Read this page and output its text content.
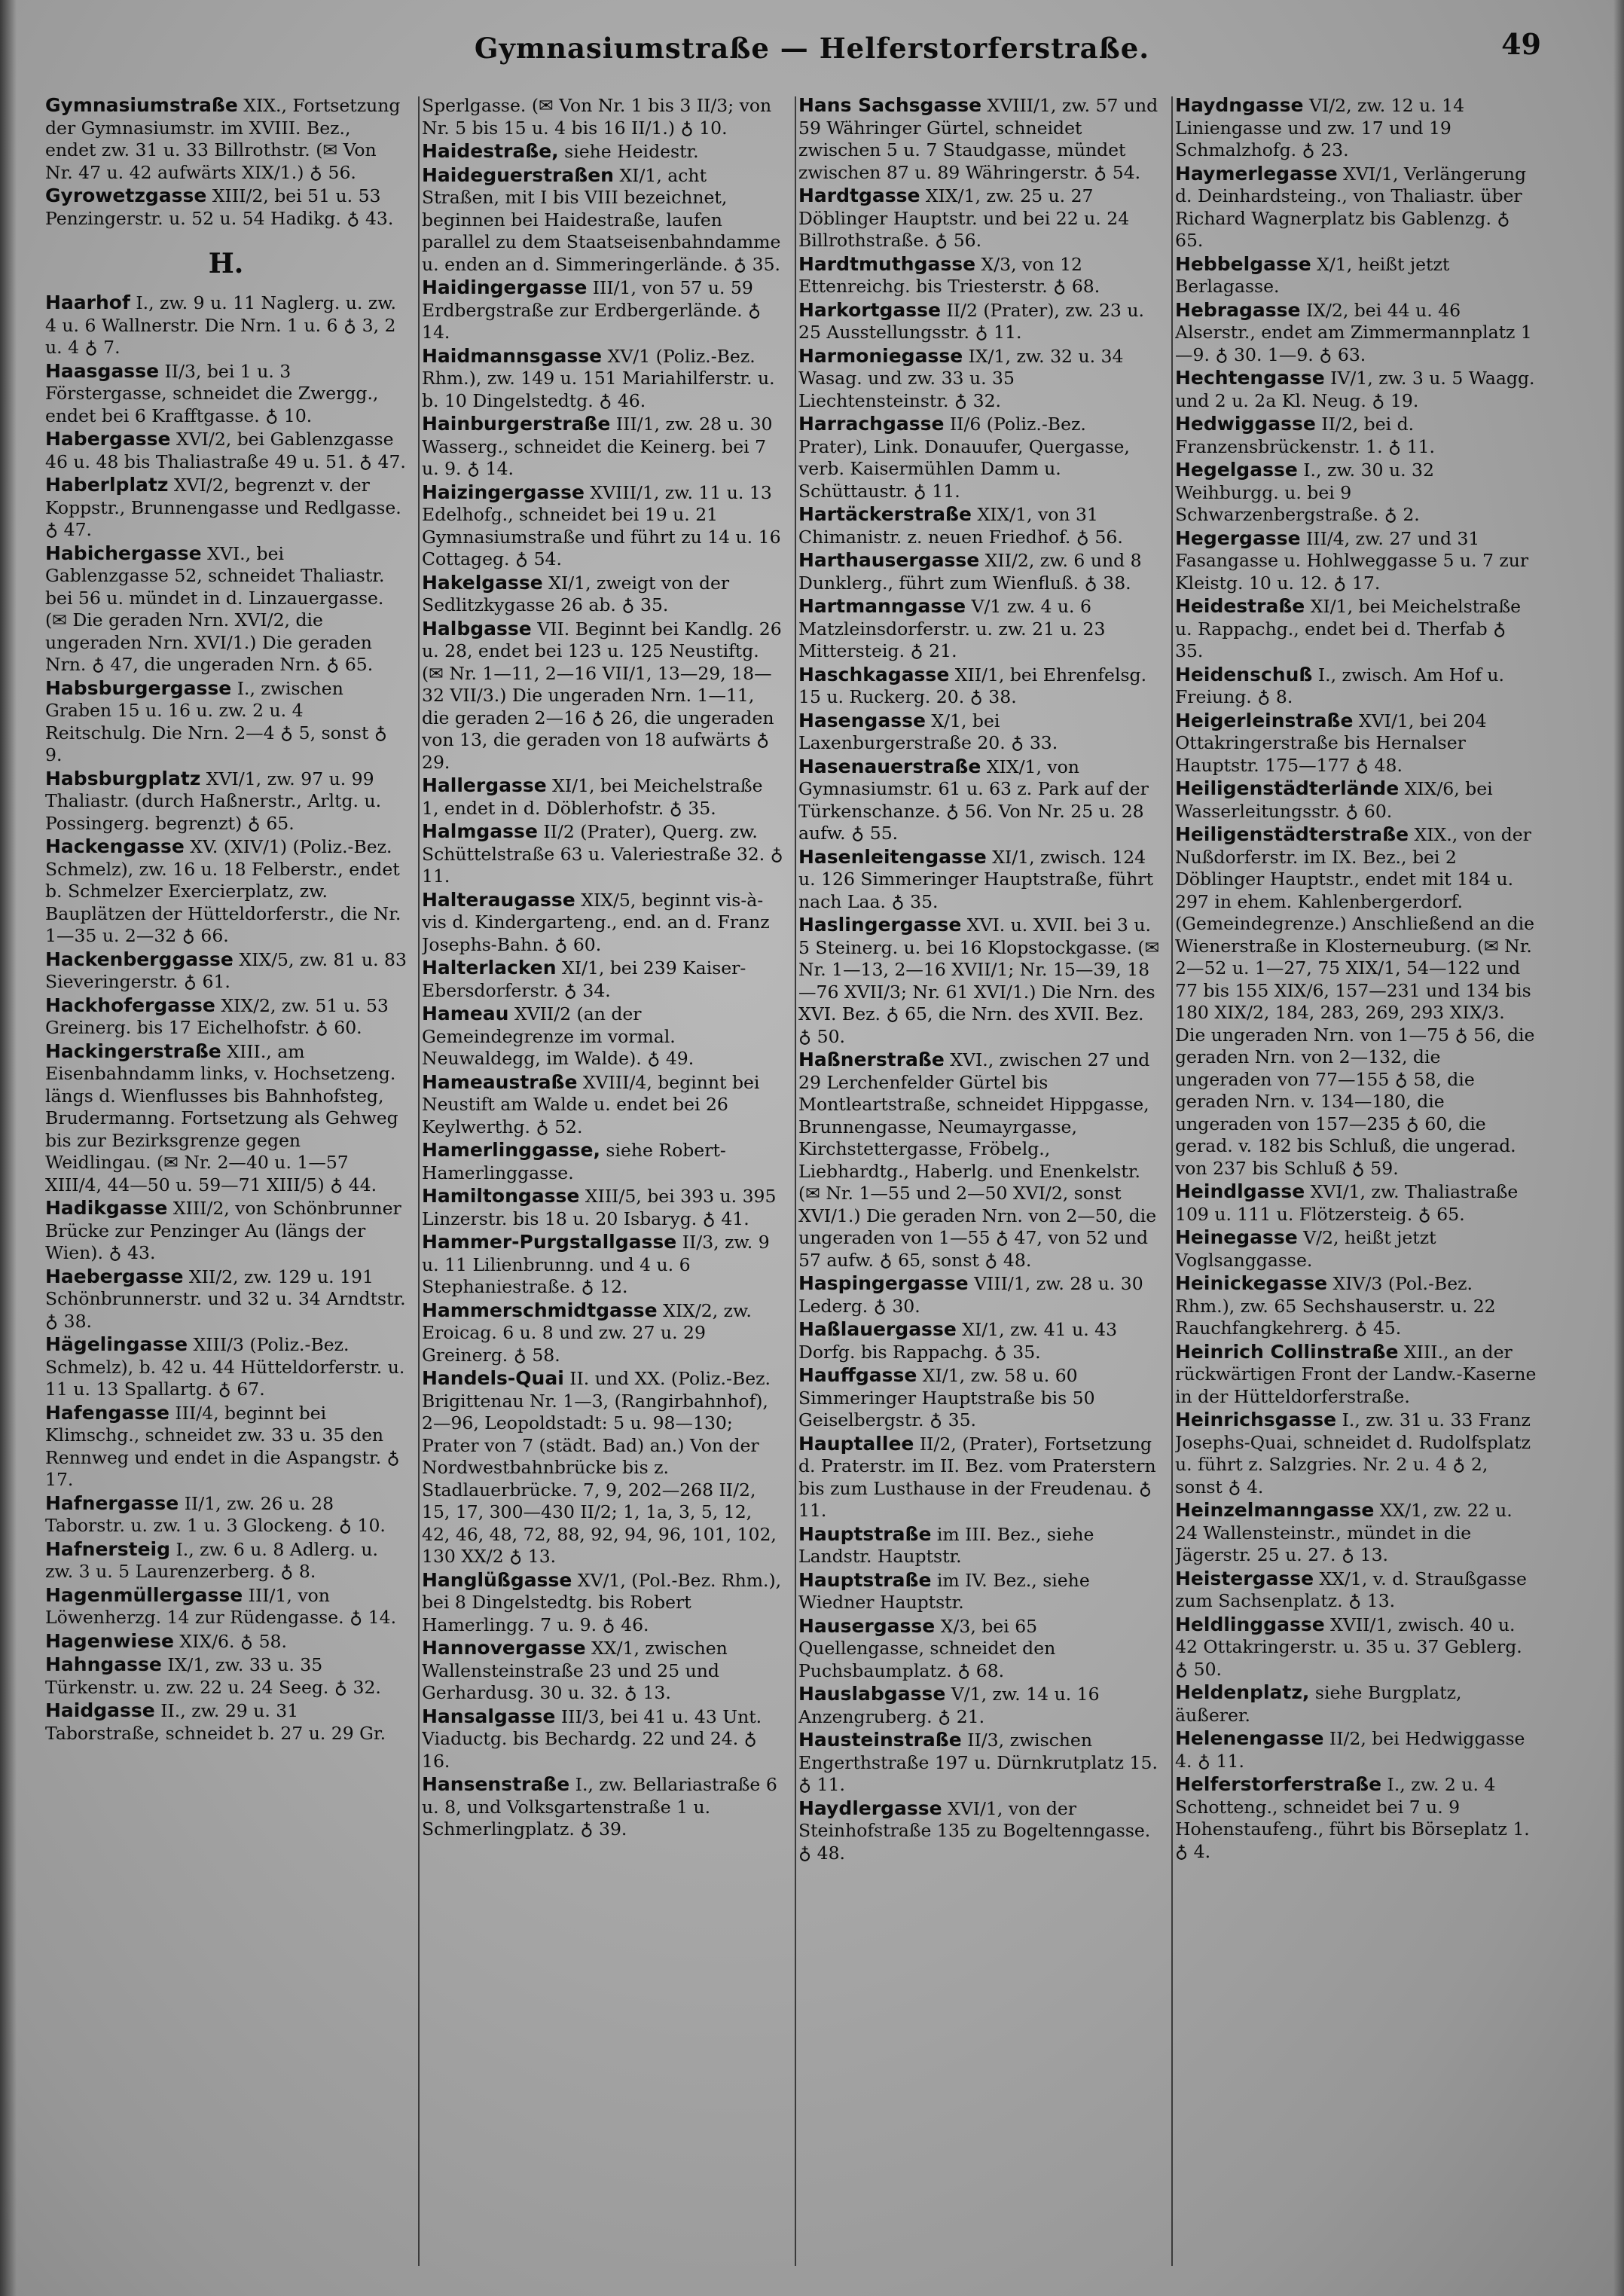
Gymnasiumstraße — Helferstorferstraße.	49

Gymnasiumstraße XIX., Fortsetzung der Gymnasiumstr. im XVIII. Bez., endet zw. 31 u. 33 Billrothstr. (✉ Von Nr. 47 u. 42 aufwärts XIX/1.) ♁ 56.

Gyrowetzgasse XIII/2, bei 51 u. 53 Penzingerstr. u. 52 u. 54 Hadikg. ♁ 43.

H.

Haarhof I., zw. 9 u. 11 Naglerg. u. zw. 4 u. 6 Wallnerstr. Die Nrn. 1 u. 6 ♁ 3, 2 u. 4 ♁ 7.

Haasgasse II/3, bei 1 u. 3 Förstergasse, schneidet die Zwergg., endet bei 6 Krafftgasse. ♁ 10.

Habergasse XVI/2, bei Gablenzgasse 46 u. 48 bis Thaliastraße 49 u. 51. ♁ 47.

Haberlplatz XVI/2, begrenzt v. der Koppstr., Brunnengasse und Redlgasse. ♁ 47.

Habichergasse XVI., bei Gablenzgasse 52, schneidet Thaliastr. bei 56 u. mündet in d. Linzauergasse. (✉ Die geraden Nrn. XVI/2, die ungeraden Nrn. XVI/1.) Die geraden Nrn. ♁ 47, die ungeraden Nrn. ♁ 65.

Habsburgergasse I., zwischen Graben 15 u. 16 u. zw. 2 u. 4 Reitschulg. Die Nrn. 2—4 ♁ 5, sonst ♁ 9.

Habsburgplatz XVI/1, zw. 97 u. 99 Thaliastr. (durch Haßnerstr., Arltg. u. Possingerg. begrenzt) ♁ 65.

Hackengasse XV. (XIV/1) (Poliz.-Bez. Schmelz), zw. 16 u. 18 Felberstr., endet b. Schmelzer Exercierplatz, zw. Bauplätzen der Hütteldorferstr., die Nr. 1—35 u. 2—32 ♁ 66.

Hackenberggasse XIX/5, zw. 81 u. 83 Sieveringerstr. ♁ 61.

Hackhofergasse XIX/2, zw. 51 u. 53 Greinerg. bis 17 Eichelhofstr. ♁ 60.

Hackingerstraße XIII., am Eisenbahndamm links, v. Hochsetzeng. längs d. Wienflusses bis Bahnhofsteg, Brudermanng. Fortsetzung als Gehweg bis zur Bezirksgrenze gegen Weidlingau. (✉ Nr. 2—40 u. 1—57 XIII/4, 44—50 u. 59—71 XIII/5) ♁ 44.

Hadikgasse XIII/2, von Schönbrunner Brücke zur Penzinger Au (längs der Wien). ♁ 43.

Haebergasse XII/2, zw. 129 u. 191 Schönbrunnerstr. und 32 u. 34 Arndtstr. ♁ 38.

Hägelingasse XIII/3 (Poliz.-Bez. Schmelz), b. 42 u. 44 Hütteldorferstr. u. 11 u. 13 Spallartg. ♁ 67.

Hafengasse III/4, beginnt bei Klimschg., schneidet zw. 33 u. 35 den Rennweg und endet in die Aspangstr. ♁ 17.

Hafnergasse II/1, zw. 26 u. 28 Taborstr. u. zw. 1 u. 3 Glockeng. ♁ 10.

Hafnersteig I., zw. 6 u. 8 Adlerg. u. zw. 3 u. 5 Laurenzerberg. ♁ 8.

Hagenmüllergasse III/1, von Löwenherzg. 14 zur Rüdengasse. ♁ 14.

Hagenwiese XIX/6. ♁ 58.

Hahngasse IX/1, zw. 33 u. 35 Türkenstr. u. zw. 22 u. 24 Seeg. ♁ 32.

Haidgasse II., zw. 29 u. 31 Taborstraße, schneidet b. 27 u. 29 Gr.

Sperlgasse. (✉ Von Nr. 1 bis 3 II/3; von Nr. 5 bis 15 u. 4 bis 16 II/1.) ♁ 10.

Haidestraße, siehe Heidestr.

Haideguerstraßen XI/1, acht Straßen, mit I bis VIII bezeichnet, beginnen bei Haidestraße, laufen parallel zu dem Staatseisenbahndamme u. enden an d. Simmeringerlände. ♁ 35.

Haidingergasse III/1, von 57 u. 59 Erdbergstraße zur Erdbergerlände. ♁ 14.

Haidmannsgasse XV/1 (Poliz.-Bez. Rhm.), zw. 149 u. 151 Mariahilferstr. u. b. 10 Dingelstedtg. ♁ 46.

Hainburgerstraße III/1, zw. 28 u. 30 Wasserg., schneidet die Keinerg. bei 7 u. 9. ♁ 14.

Haizingergasse XVIII/1, zw. 11 u. 13 Edelhofg., schneidet bei 19 u. 21 Gymnasiumstraße und führt zu 14 u. 16 Cottageg. ♁ 54.

Hakelgasse XI/1, zweigt von der Sedlitzkygasse 26 ab. ♁ 35.

Halbgasse VII. Beginnt bei Kandlg. 26 u. 28, endet bei 123 u. 125 Neustiftg. (✉ Nr. 1—11, 2—16 VII/1, 13—29, 18—32 VII/3.) Die ungeraden Nrn. 1—11, die geraden 2—16 ♁ 26, die ungeraden von 13, die geraden von 18 aufwärts ♁ 29.

Hallergasse XI/1, bei Meichelstraße 1, endet in d. Döblerhofstr. ♁ 35.

Halmgasse II/2 (Prater), Querg. zw. Schüttelstraße 63 u. Valeriestraße 32. ♁ 11.

Halteraugasse XIX/5, beginnt vis-à-vis d. Kindergarteng., end. an d. Franz Josephs-Bahn. ♁ 60.

Halterlacken XI/1, bei 239 Kaiser-Ebersdorferstr. ♁ 34.

Hameau XVII/2 (an der Gemeindegrenze im vormal. Neuwaldegg, im Walde). ♁ 49.

Hameaustraße XVIII/4, beginnt bei Neustift am Walde u. endet bei 26 Keylwerthg. ♁ 52.

Hamerlinggasse, siehe Robert-Hamerlinggasse.

Hamiltongasse XIII/5, bei 393 u. 395 Linzerstr. bis 18 u. 20 Isbaryg. ♁ 41.

Hammer-Purgstallgasse II/3, zw. 9 u. 11 Lilienbrunng. und 4 u. 6 Stephaniestraße. ♁ 12.

Hammerschmidtgasse XIX/2, zw. Eroicag. 6 u. 8 und zw. 27 u. 29 Greinerg. ♁ 58.

Handels-Quai II. und XX. (Poliz.-Bez. Brigittenau Nr. 1—3, (Rangirbahnhof), 2—96, Leopoldstadt: 5 u. 98—130; Prater von 7 (städt. Bad) an.) Von der Nordwestbahnbrücke bis z. Stadlauerbrücke. 7, 9, 202—268 II/2, 15, 17, 300—430 II/2; 1, 1a, 3, 5, 12, 42, 46, 48, 72, 88, 92, 94, 96, 101, 102, 130 XX/2 ♁ 13.

Hanglüßgasse XV/1, (Pol.-Bez. Rhm.), bei 8 Dingelstedtg. bis Robert Hamerlingg. 7 u. 9. ♁ 46.

Hannovergasse XX/1, zwischen Wallensteinstraße 23 und 25 und Gerhardusg. 30 u. 32. ♁ 13.

Hansalgasse III/3, bei 41 u. 43 Unt. Viaductg. bis Bechardg. 22 und 24. ♁ 16.

Hansenstraße I., zw. Bellariastraße 6 u. 8, und Volksgartenstraße 1 u. Schmerlingplatz. ♁ 39.

Hans Sachsgasse XVIII/1, zw. 57 und 59 Währinger Gürtel, schneidet zwischen 5 u. 7 Staudgasse, mündet zwischen 87 u. 89 Währingerstr. ♁ 54.

Hardtgasse XIX/1, zw. 25 u. 27 Döblinger Hauptstr. und bei 22 u. 24 Billrothstraße. ♁ 56.

Hardtmuthgasse X/3, von 12 Ettenreichg. bis Triesterstr. ♁ 68.

Harkortgasse II/2 (Prater), zw. 23 u. 25 Ausstellungsstr. ♁ 11.

Harmoniegasse IX/1, zw. 32 u. 34 Wasag. und zw. 33 u. 35 Liechtensteinstr. ♁ 32.

Harrachgasse II/6 (Poliz.-Bez. Prater), Link. Donauufer, Quergasse, verb. Kaisermühlen Damm u. Schüttaustr. ♁ 11.

Hartäckerstraße XIX/1, von 31 Chimanistr. z. neuen Friedhof. ♁ 56.

Harthausergasse XII/2, zw. 6 und 8 Dunklerg., führt zum Wienfluß. ♁ 38.

Hartmanngasse V/1 zw. 4 u. 6 Matzleinsdorferstr. u. zw. 21 u. 23 Mittersteig. ♁ 21.

Haschkagasse XII/1, bei Ehrenfelsg. 15 u. Ruckerg. 20. ♁ 38.

Hasengasse X/1, bei Laxenburgerstraße 20. ♁ 33.

Hasenauerstraße XIX/1, von Gymnasiumstr. 61 u. 63 z. Park auf der Türkenschanze. ♁ 56. Von Nr. 25 u. 28 aufw. ♁ 55.

Hasenleitengasse XI/1, zwisch. 124 u. 126 Simmeringer Hauptstraße, führt nach Laa. ♁ 35.

Haslingergasse XVI. u. XVII. bei 3 u. 5 Steinerg. u. bei 16 Klopstockgasse. (✉ Nr. 1—13, 2—16 XVII/1; Nr. 15—39, 18—76 XVII/3; Nr. 61 XVI/1.) Die Nrn. des XVI. Bez. ♁ 65, die Nrn. des XVII. Bez. ♁ 50.

Haßnerstraße XVI., zwischen 27 und 29 Lerchenfelder Gürtel bis Montleartstraße, schneidet Hippgasse, Brunnengasse, Neumayrgasse, Kirchstettergasse, Fröbelg., Liebhardtg., Haberlg. und Enenkelstr. (✉ Nr. 1—55 und 2—50 XVI/2, sonst XVI/1.) Die geraden Nrn. von 2—50, die ungeraden von 1—55 ♁ 47, von 52 und 57 aufw. ♁ 65, sonst ♁ 48.

Haspingergasse VIII/1, zw. 28 u. 30 Lederg. ♁ 30.

Haßlauergasse XI/1, zw. 41 u. 43 Dorfg. bis Rappachg. ♁ 35.

Hauffgasse XI/1, zw. 58 u. 60 Simmeringer Hauptstraße bis 50 Geiselbergstr. ♁ 35.

Hauptallee II/2, (Prater), Fortsetzung d. Praterstr. im II. Bez. vom Praterstern bis zum Lusthause in der Freudenau. ♁ 11.

Hauptstraße im III. Bez., siehe Landstr. Hauptstr.

Hauptstraße im IV. Bez., siehe Wiedner Hauptstr.

Hausergasse X/3, bei 65 Quellengasse, schneidet den Puchsbaumplatz. ♁ 68.

Hauslabgasse V/1, zw. 14 u. 16 Anzengruberg. ♁ 21.

Hausteinstraße II/3, zwischen Engerthstraße 197 u. Dürnkrutplatz 15. ♁ 11.

Haydlergasse XVI/1, von der Steinhofstraße 135 zu Bogeltenngasse. ♁ 48.

Haydngasse VI/2, zw. 12 u. 14 Liniengasse und zw. 17 und 19 Schmalzhofg. ♁ 23.

Haymerlegasse XVI/1, Verlängerung d. Deinhardsteing., von Thaliastr. über Richard Wagnerplatz bis Gablenzg. ♁ 65.

Hebbelgasse X/1, heißt jetzt Berlagasse.

Hebragasse IX/2, bei 44 u. 46 Alserstr., endet am Zimmermannplatz 1—9. ♁ 30. 1—9. ♁ 63.

Hechtengasse IV/1, zw. 3 u. 5 Waagg. und 2 u. 2a Kl. Neug. ♁ 19.

Hedwiggasse II/2, bei d. Franzensbrückenstr. 1. ♁ 11.

Hegelgasse I., zw. 30 u. 32 Weihburgg. u. bei 9 Schwarzenbergstraße. ♁ 2.

Hegergasse III/4, zw. 27 und 31 Fasangasse u. Hohlweggasse 5 u. 7 zur Kleistg. 10 u. 12. ♁ 17.

Heidestraße XI/1, bei Meichelstraße u. Rappachg., endet bei d. Therfab ♁ 35.

Heidenschuß I., zwisch. Am Hof u. Freiung. ♁ 8.

Heigerleinstraße XVI/1, bei 204 Ottakringerstraße bis Hernalser Hauptstr. 175—177 ♁ 48.

Heiligenstädterlände XIX/6, bei Wasserleitungsstr. ♁ 60.

Heiligenstädterstraße XIX., von der Nußdorferstr. im IX. Bez., bei 2 Döblinger Hauptstr., endet mit 184 u. 297 in ehem. Kahlenbergerdorf. (Gemeindegrenze.) Anschließend an die Wienerstraße in Klosterneuburg. (✉ Nr. 2—52 u. 1—27, 75 XIX/1, 54—122 und 77 bis 155 XIX/6, 157—231 und 134 bis 180 XIX/2, 184, 283, 269, 293 XIX/3. Die ungeraden Nrn. von 1—75 ♁ 56, die geraden Nrn. von 2—132, die ungeraden von 77—155 ♁ 58, die geraden Nrn. v. 134—180, die ungeraden von 157—235 ♁ 60, die gerad. v. 182 bis Schluß, die ungerad. von 237 bis Schluß ♁ 59.

Heindlgasse XVI/1, zw. Thaliastraße 109 u. 111 u. Flötzersteig. ♁ 65.

Heinegasse V/2, heißt jetzt Voglsanggasse.

Heinickegasse XIV/3 (Pol.-Bez. Rhm.), zw. 65 Sechshauserstr. u. 22 Rauchfangkehrerg. ♁ 45.

Heinrich Collinstraße XIII., an der rückwärtigen Front der Landw.-Kaserne in der Hütteldorferstraße.

Heinrichsgasse I., zw. 31 u. 33 Franz Josephs-Quai, schneidet d. Rudolfsplatz u. führt z. Salzgries. Nr. 2 u. 4 ♁ 2, sonst ♁ 4.

Heinzelmanngasse XX/1, zw. 22 u. 24 Wallensteinstr., mündet in die Jägerstr. 25 u. 27. ♁ 13.

Heistergasse XX/1, v. d. Straußgasse zum Sachsenplatz. ♁ 13.

Heldlinggasse XVII/1, zwisch. 40 u. 42 Ottakringerstr. u. 35 u. 37 Geblerg. ♁ 50.

Heldenplatz, siehe Burgplatz, äußerer.

Helenengasse II/2, bei Hedwiggasse 4. ♁ 11.

Helferstorferstraße I., zw. 2 u. 4 Schotteng., schneidet bei 7 u. 9 Hohenstaufeng., führt bis Börseplatz 1. ♁ 4.
